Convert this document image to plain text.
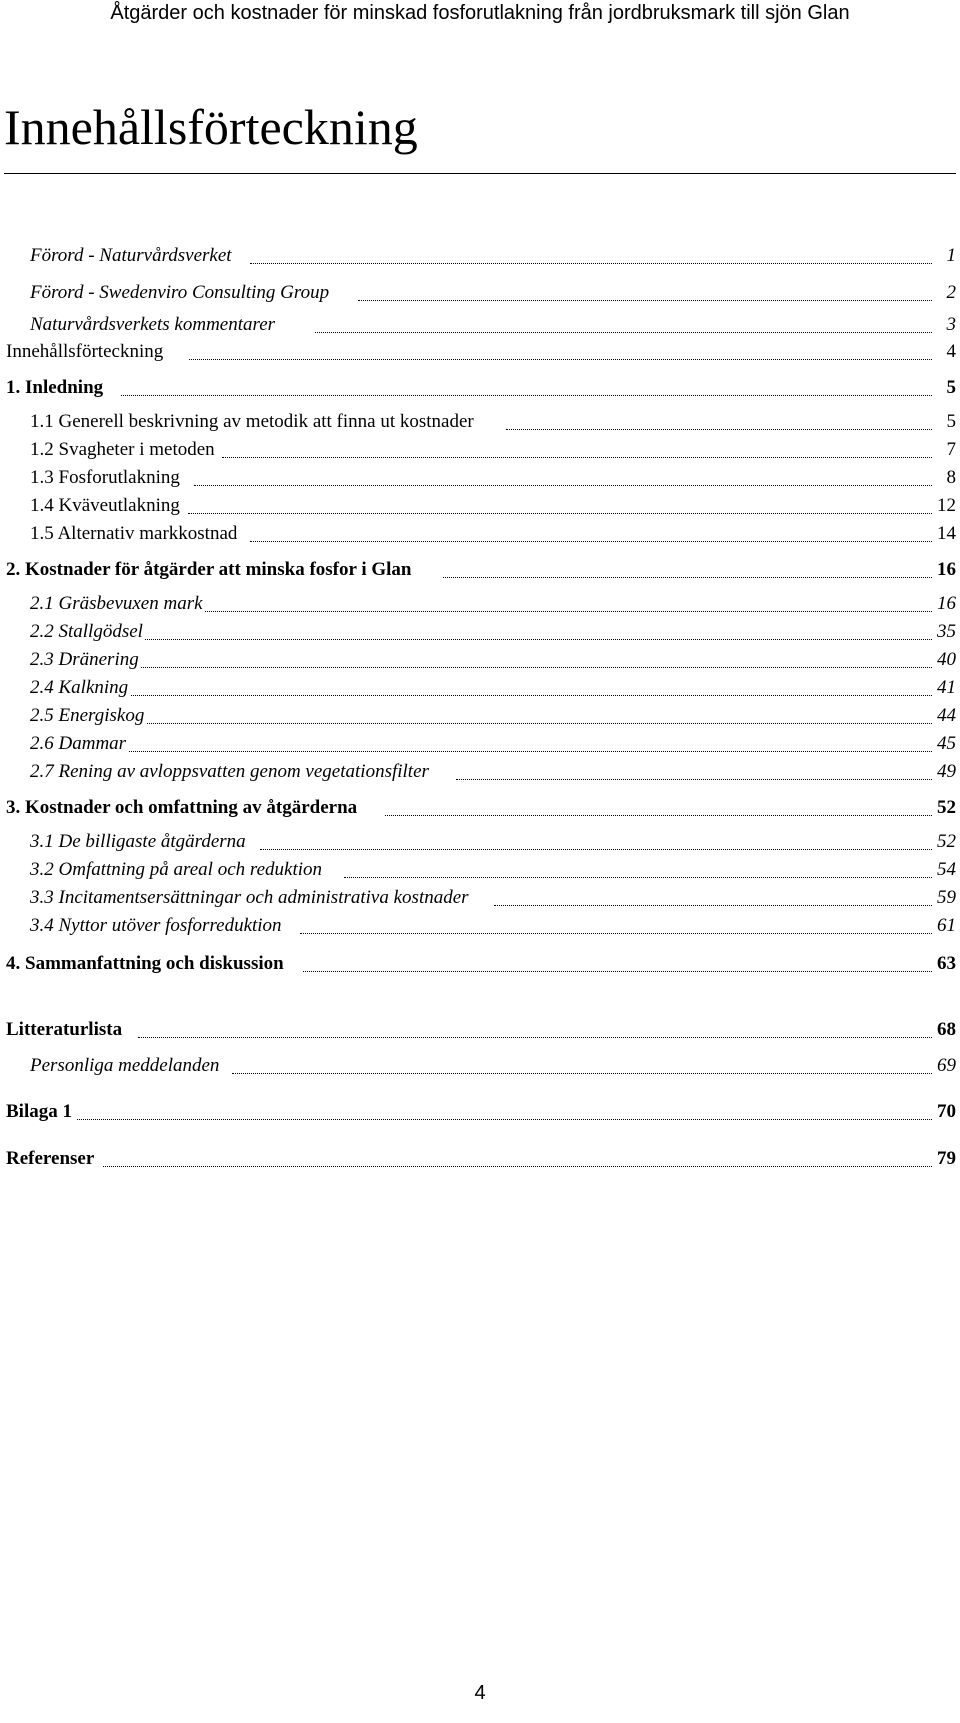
Åtgärder och kostnader för minskad fosforutlakning från jordbruksmark till sjön Glan
Innehållsförteckning
Förord - Naturvårdsverket	1
Förord - Swedenviro Consulting Group	2
Naturvårdsverkets kommentarer	3
Innehållsförteckning	4
1. Inledning	5
1.1 Generell beskrivning av metodik att finna ut kostnader	5
1.2 Svagheter i metoden	7
1.3 Fosforutlakning	8
1.4 Kväveutlakning	12
1.5 Alternativ markkostnad	14
2. Kostnader för åtgärder att minska fosfor i Glan	16
2.1 Gräsbevuxen mark	16
2.2 Stallgödsel	35
2.3 Dränering	40
2.4 Kalkning	41
2.5 Energiskog	44
2.6 Dammar	45
2.7 Rening av avloppsvatten genom vegetationsfilter	49
3. Kostnader och omfattning av åtgärderna	52
3.1 De billigaste åtgärderna	52
3.2 Omfattning på areal och reduktion	54
3.3 Incitamentsersättningar och administrativa kostnader	59
3.4 Nyttor utöver fosforreduktion	61
4. Sammanfattning och diskussion	63
Litteraturlista	68
Personliga meddelanden	69
Bilaga 1	70
Referenser	79
4
